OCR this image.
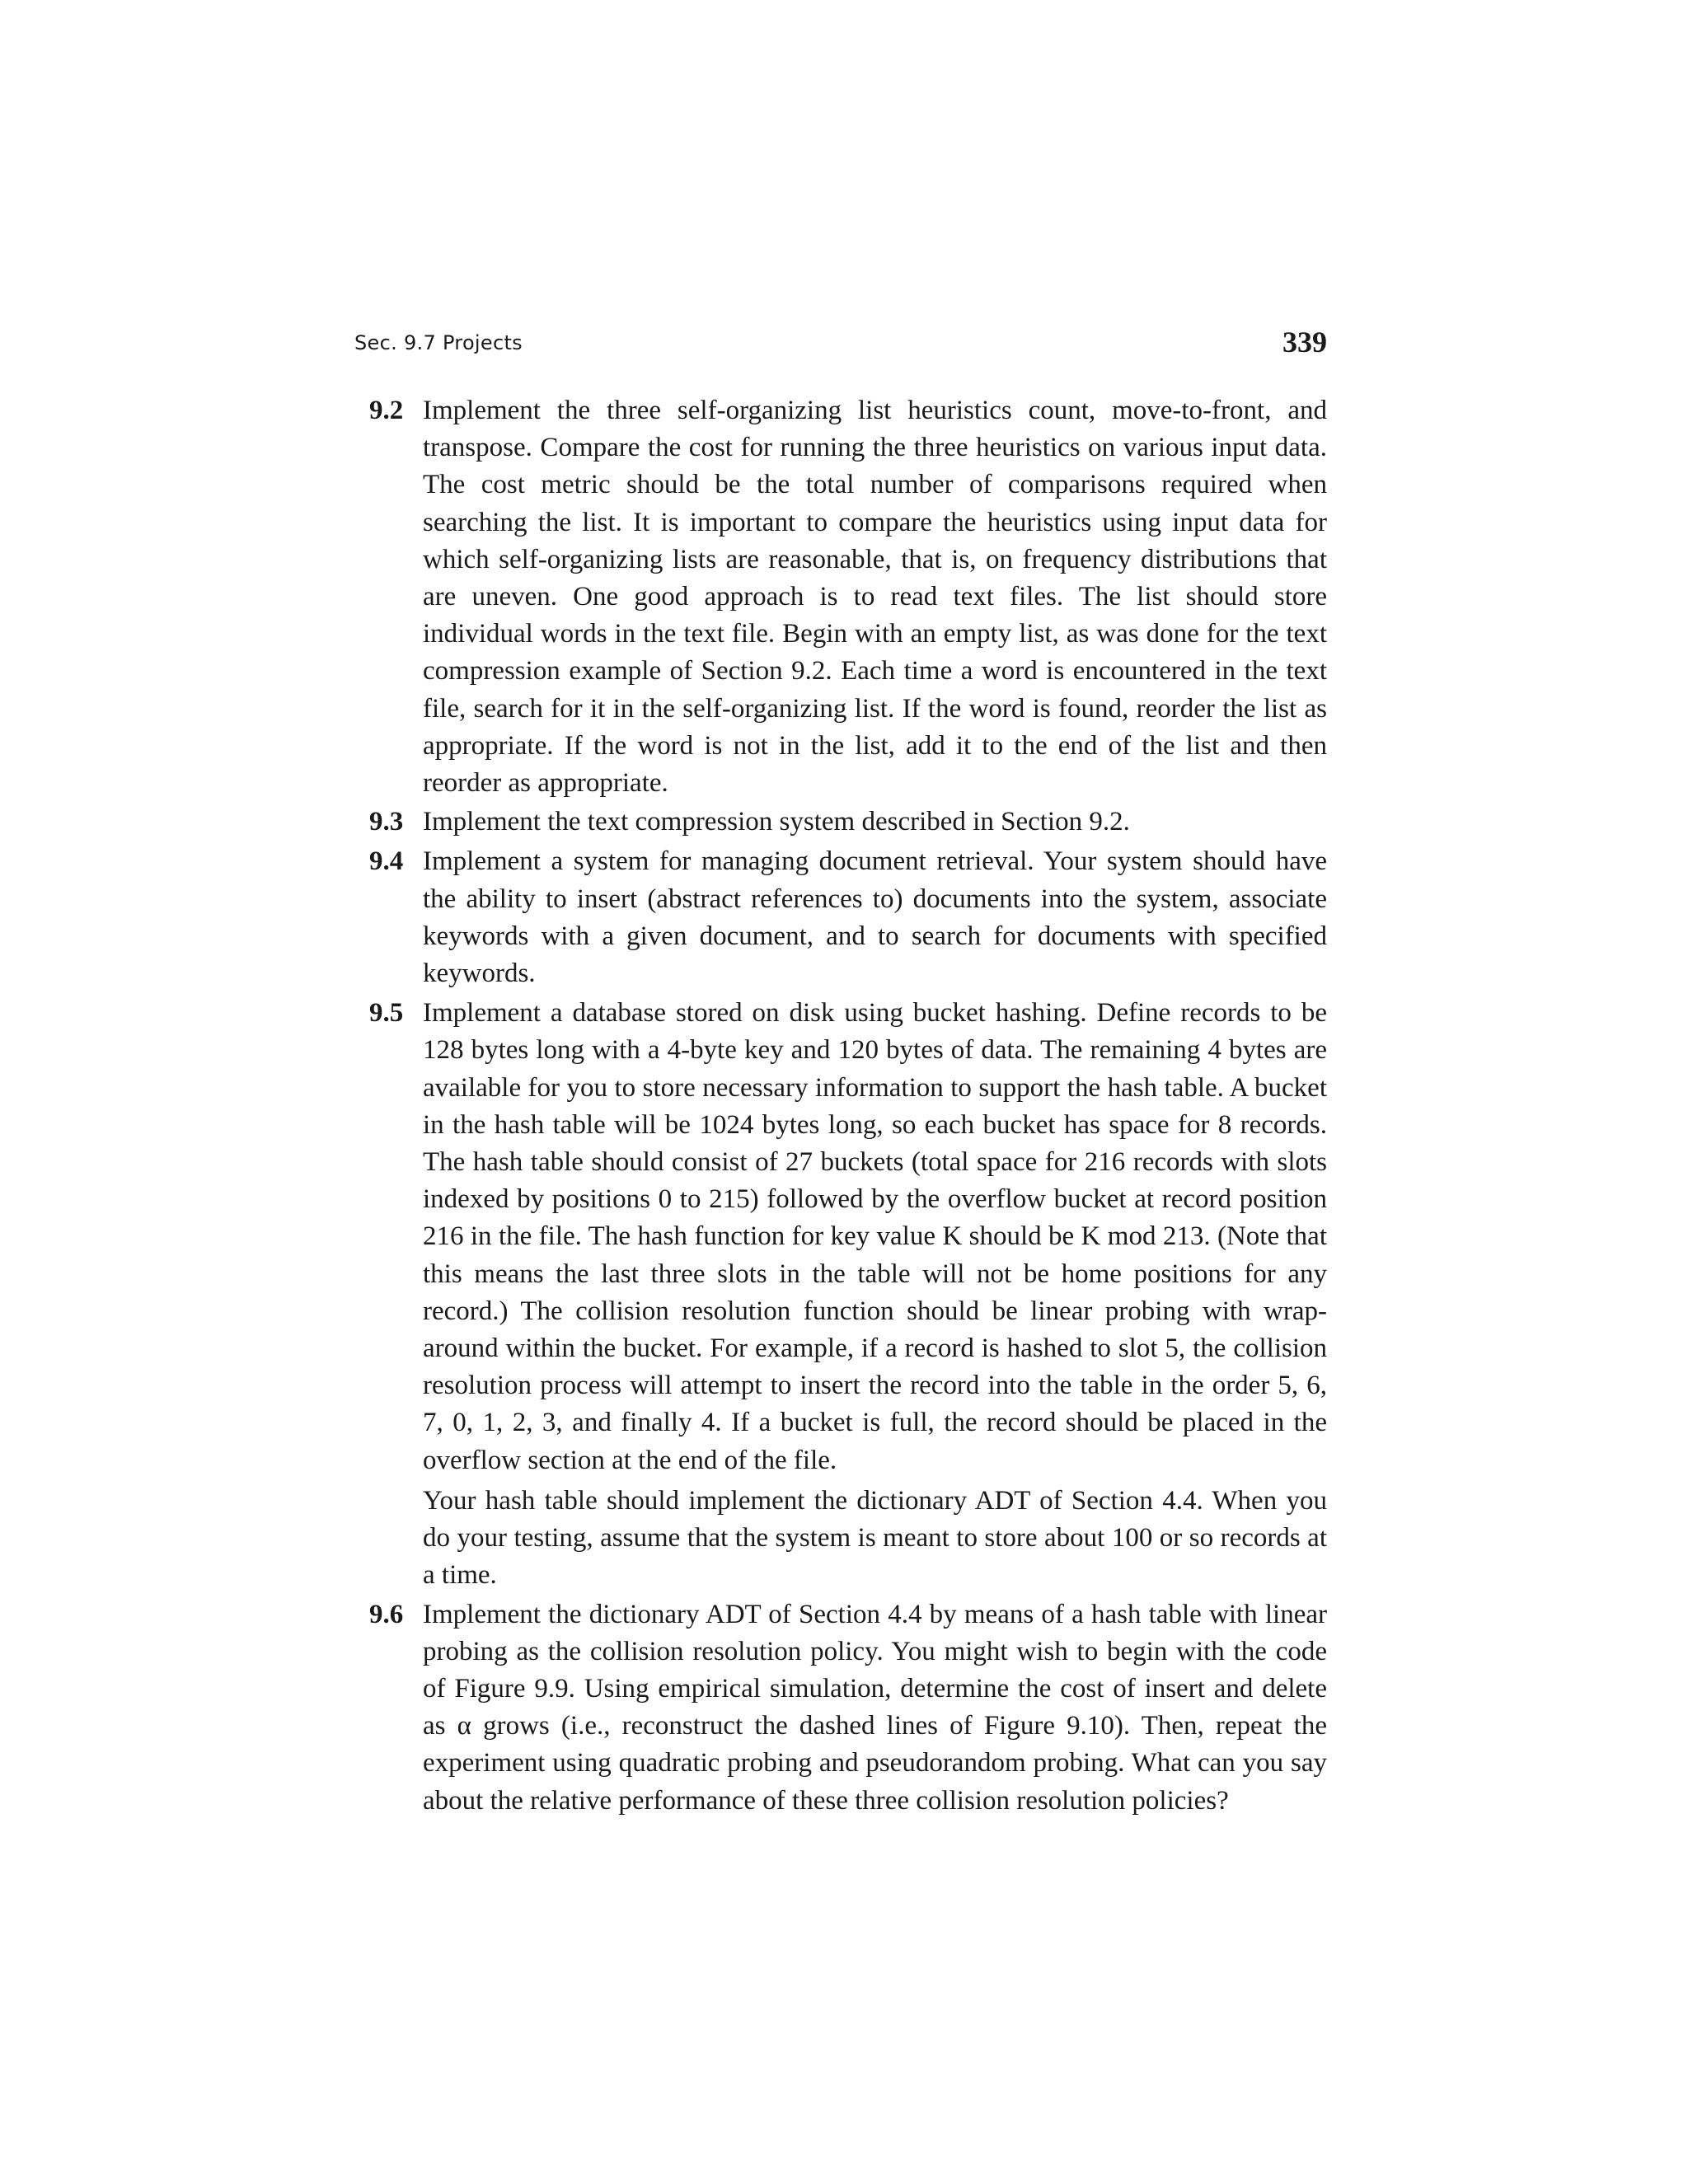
Sec. 9.7 Projects	339
9.2 Implement the three self-organizing list heuristics count, move-to-front, and transpose. Compare the cost for running the three heuristics on various input data. The cost metric should be the total number of comparisons required when searching the list. It is important to compare the heuristics using input data for which self-organizing lists are reasonable, that is, on frequency distributions that are uneven. One good approach is to read text files. The list should store individual words in the text file. Begin with an empty list, as was done for the text compression example of Section 9.2. Each time a word is encountered in the text file, search for it in the self-organizing list. If the word is found, reorder the list as appropriate. If the word is not in the list, add it to the end of the list and then reorder as appropriate.

9.3 Implement the text compression system described in Section 9.2.

9.4 Implement a system for managing document retrieval. Your system should have the ability to insert (abstract references to) documents into the system, associate keywords with a given document, and to search for documents with specified keywords.

9.5 Implement a database stored on disk using bucket hashing. Define records to be 128 bytes long with a 4-byte key and 120 bytes of data. The remaining 4 bytes are available for you to store necessary information to support the hash table. A bucket in the hash table will be 1024 bytes long, so each bucket has space for 8 records. The hash table should consist of 27 buckets (total space for 216 records with slots indexed by positions 0 to 215) followed by the overflow bucket at record position 216 in the file. The hash function for key value K should be K mod 213. (Note that this means the last three slots in the table will not be home positions for any record.) The collision resolution function should be linear probing with wrap-around within the bucket. For example, if a record is hashed to slot 5, the collision resolution process will attempt to insert the record into the table in the order 5, 6, 7, 0, 1, 2, 3, and finally 4. If a bucket is full, the record should be placed in the overflow section at the end of the file.

Your hash table should implement the dictionary ADT of Section 4.4. When you do your testing, assume that the system is meant to store about 100 or so records at a time.

9.6 Implement the dictionary ADT of Section 4.4 by means of a hash table with linear probing as the collision resolution policy. You might wish to begin with the code of Figure 9.9. Using empirical simulation, determine the cost of insert and delete as α grows (i.e., reconstruct the dashed lines of Figure 9.10). Then, repeat the experiment using quadratic probing and pseudorandom probing. What can you say about the relative performance of these three collision resolution policies?
